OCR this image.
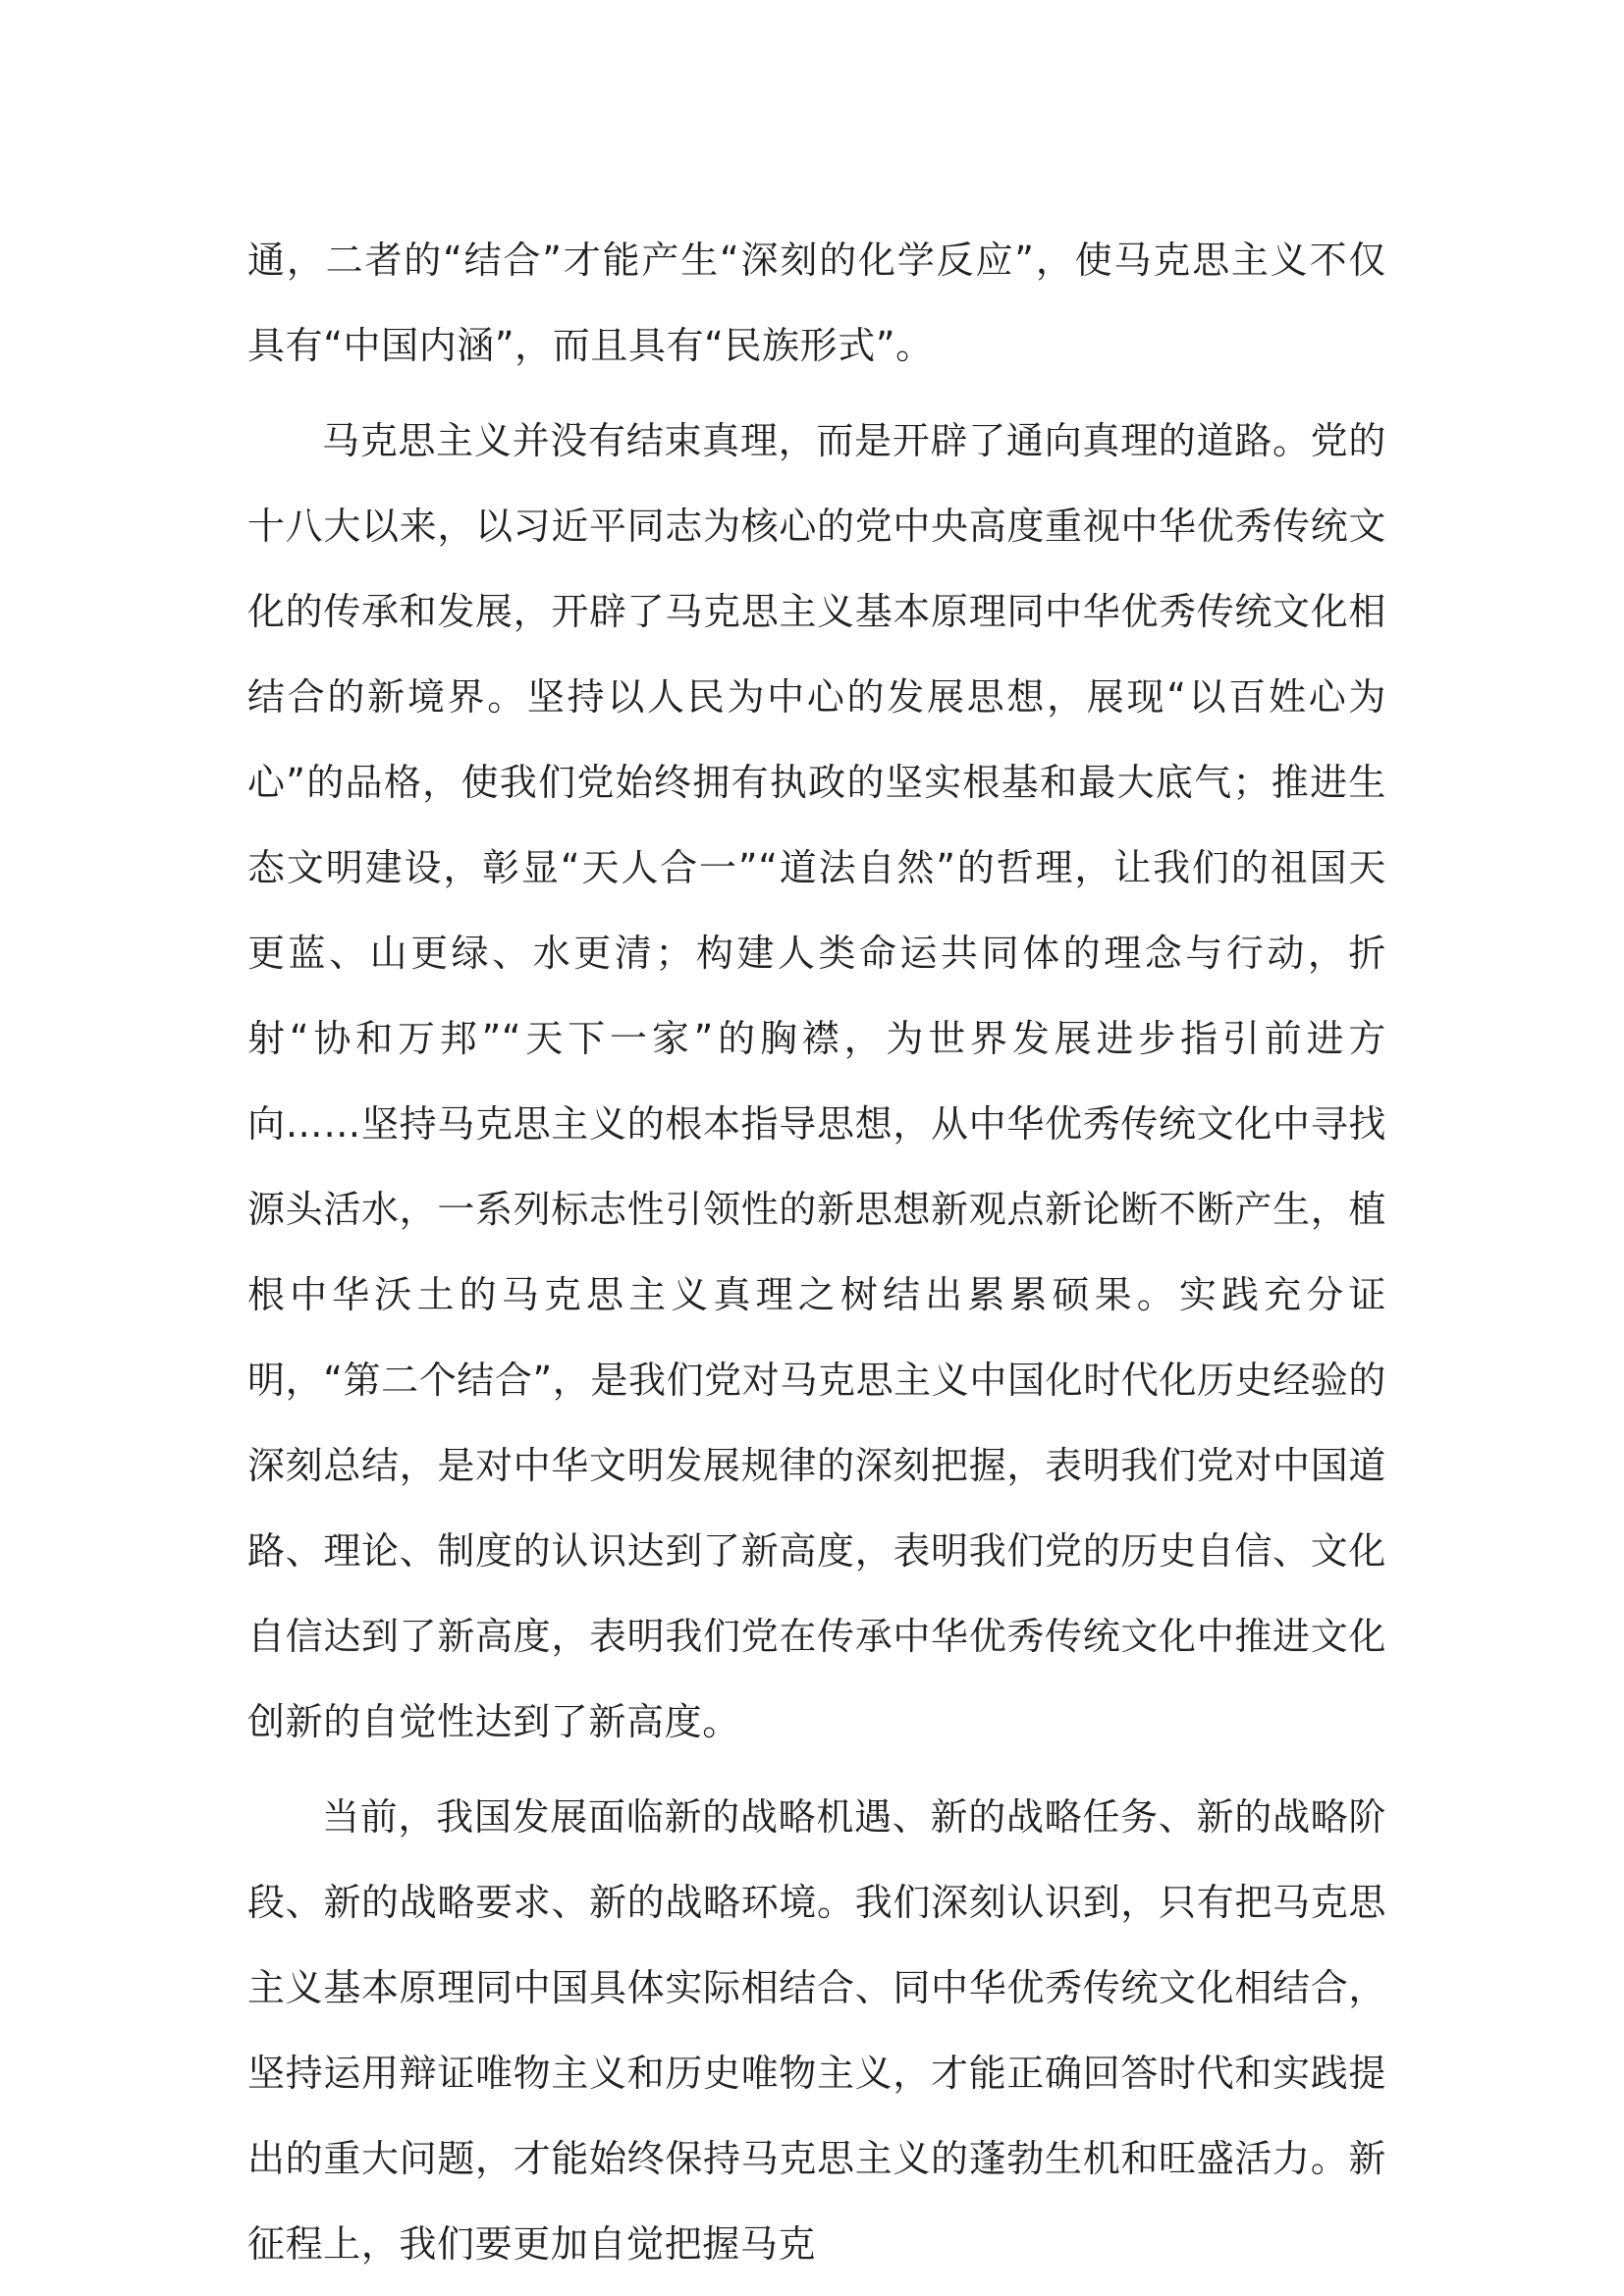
通，二者的“结合”才能产生“深刻的化学反应”，使马克思主义不仅具有“中国内涵”，而且具有“民族形式”。

马克思主义并没有结束真理，而是开辟了通向真理的道路。党的十八大以来，以习近平同志为核心的党中央高度重视中华优秀传统文化的传承和发展，开辟了马克思主义基本原理同中华优秀传统文化相结合的新境界。坚持以人民为中心的发展思想，展现“以百姓心为心”的品格，使我们党始终拥有执政的坚实根基和最大底气；推进生态文明建设，彰显“天人合一”“道法自然”的哲理，让我们的祖国天更蓝、山更绿、水更清；构建人类命运共同体的理念与行动，折射“协和万邦”“天下一家”的胸襟，为世界发展进步指引前进方向……坚持马克思主义的根本指导思想，从中华优秀传统文化中寻找源头活水，一系列标志性引领性的新思想新观点新论断不断产生，植根中华沃土的马克思主义真理之树结出累累硕果。实践充分证明，“第二个结合”，是我们党对马克思主义中国化时代化历史经验的深刻总结，是对中华文明发展规律的深刻把握，表明我们党对中国道路、理论、制度的认识达到了新高度，表明我们党的历史自信、文化自信达到了新高度，表明我们党在传承中华优秀传统文化中推进文化创新的自觉性达到了新高度。

当前，我国发展面临新的战略机遇、新的战略任务、新的战略阶段、新的战略要求、新的战略环境。我们深刻认识到，只有把马克思主义基本原理同中国具体实际相结合、同中华优秀传统文化相结合，坚持运用辩证唯物主义和历史唯物主义，才能正确回答时代和实践提出的重大问题，才能始终保持马克思主义的蓬勃生机和旺盛活力。新征程上，我们要更加自觉把握马克
